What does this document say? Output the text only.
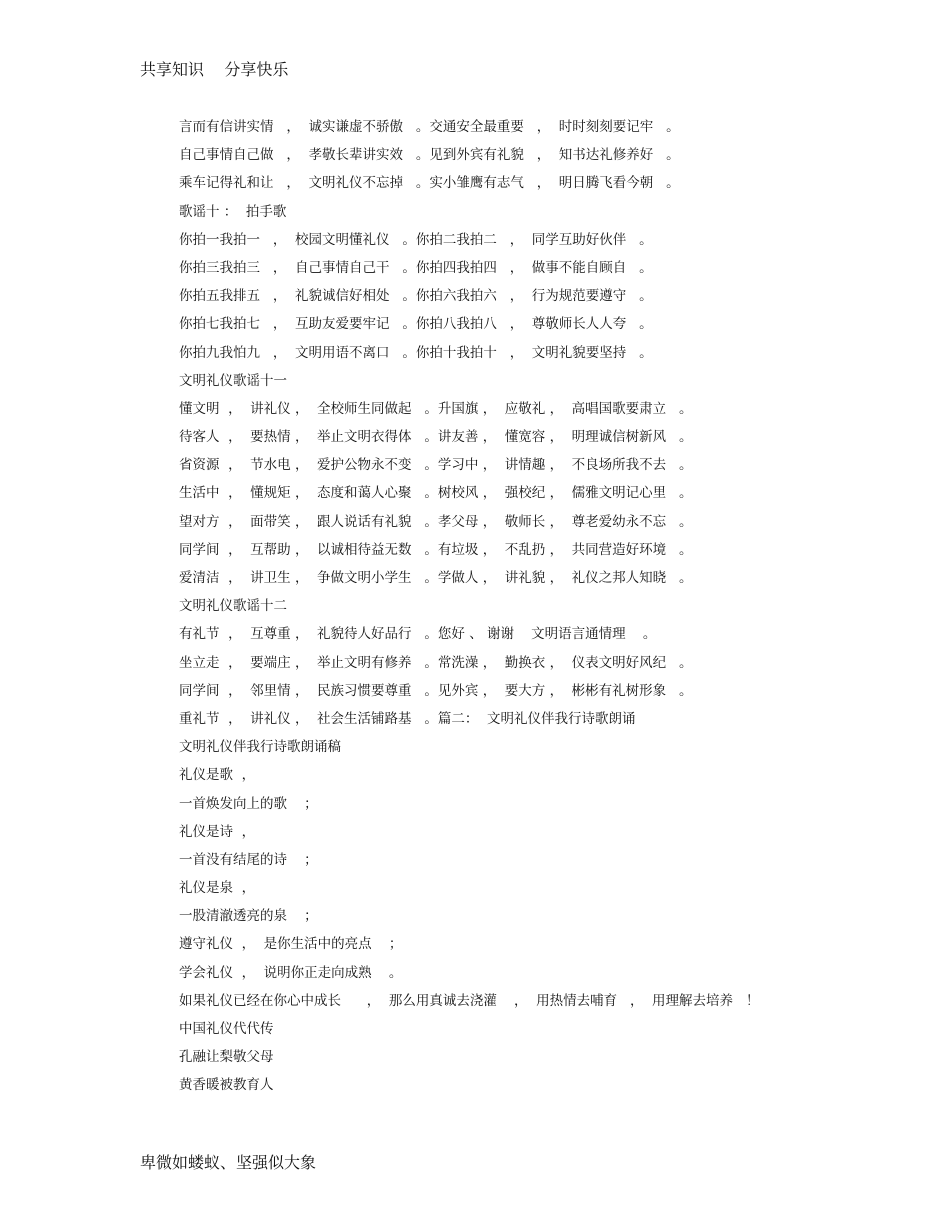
共享知识    分享快乐
言而有信讲实情   ，  诚实谦虚不骄傲   。交通安全最重要   ，  时时刻刻要记牢   。
自己事情自己做   ，  孝敬长辈讲实效   。见到外宾有礼貌   ，  知书达礼修养好   。
乘车记得礼和让   ，  文明礼仪不忘掉   。实小雏鹰有志气   ，  明日腾飞看今朝   。
歌谣十 ：  拍手歌
你拍一我拍一   ，  校园文明懂礼仪   。你拍二我拍二   ，  同学互助好伙伴   。
你拍三我拍三   ，  自己事情自己干   。你拍四我拍四   ，  做事不能自顾自   。
你拍五我排五   ，  礼貌诚信好相处   。你拍六我拍六   ，  行为规范要遵守   。
你拍七我拍七   ，  互助友爱要牢记   。你拍八我拍八   ，  尊敬师长人人夸   。
你拍九我怕九   ，  文明用语不离口   。你拍十我拍十   ，  文明礼貌要坚持   。
文明礼仪歌谣十一
懂文明  ，  讲礼仪 ，  全校师生同做起   。升国旗 ，  应敬礼 ，  高唱国歌要肃立   。
待客人  ，  要热情 ，  举止文明衣得体   。讲友善 ，  懂宽容 ，  明理诚信树新风   。
省资源  ，  节水电 ，  爱护公物永不变   。学习中 ，  讲情趣 ，  不良场所我不去   。
生活中  ，  懂规矩 ，  态度和蔼人心聚   。树校风 ，  强校纪 ，  儒雅文明记心里   。
望对方  ，  面带笑 ，  跟人说话有礼貌   。孝父母 ，  敬师长 ，  尊老爱幼永不忘   。
同学间  ，  互帮助 ，  以诚相待益无数   。有垃圾 ，  不乱扔 ，  共同营造好环境   。
爱清洁  ，  讲卫生 ，  争做文明小学生   。学做人 ，  讲礼貌 ，  礼仪之邦人知晓   。
文明礼仪歌谣十二
有礼节  ，  互尊重 ，  礼貌待人好品行   。您好 、 谢谢    文明语言通情理    。
坐立走  ，  要端庄 ，  举止文明有修养   。常洗澡 ，  勤换衣 ，  仪表文明好风纪   。
同学间  ，  邻里情 ，  民族习惯要尊重   。见外宾 ，  要大方 ，  彬彬有礼树形象   。
重礼节  ，  讲礼仪 ，  社会生活铺路基   。篇二：  文明礼仪伴我行诗歌朗诵
文明礼仪伴我行诗歌朗诵稿
礼仪是歌  ，
一首焕发向上的歌    ；
礼仪是诗  ，
一首没有结尾的诗    ；
礼仪是泉  ，
一股清澈透亮的泉    ；
遵守礼仪  ，  是你生活中的亮点    ；
学会礼仪  ，  说明你正走向成熟    。
如果礼仪已经在你心中成长      ，  那么用真诚去浇灌    ，  用热情去哺育   ，  用理解去培养   ！
中国礼仪代代传
孔融让梨敬父母
黄香暖被教育人
卑微如蝼蚁、坚强似大象
